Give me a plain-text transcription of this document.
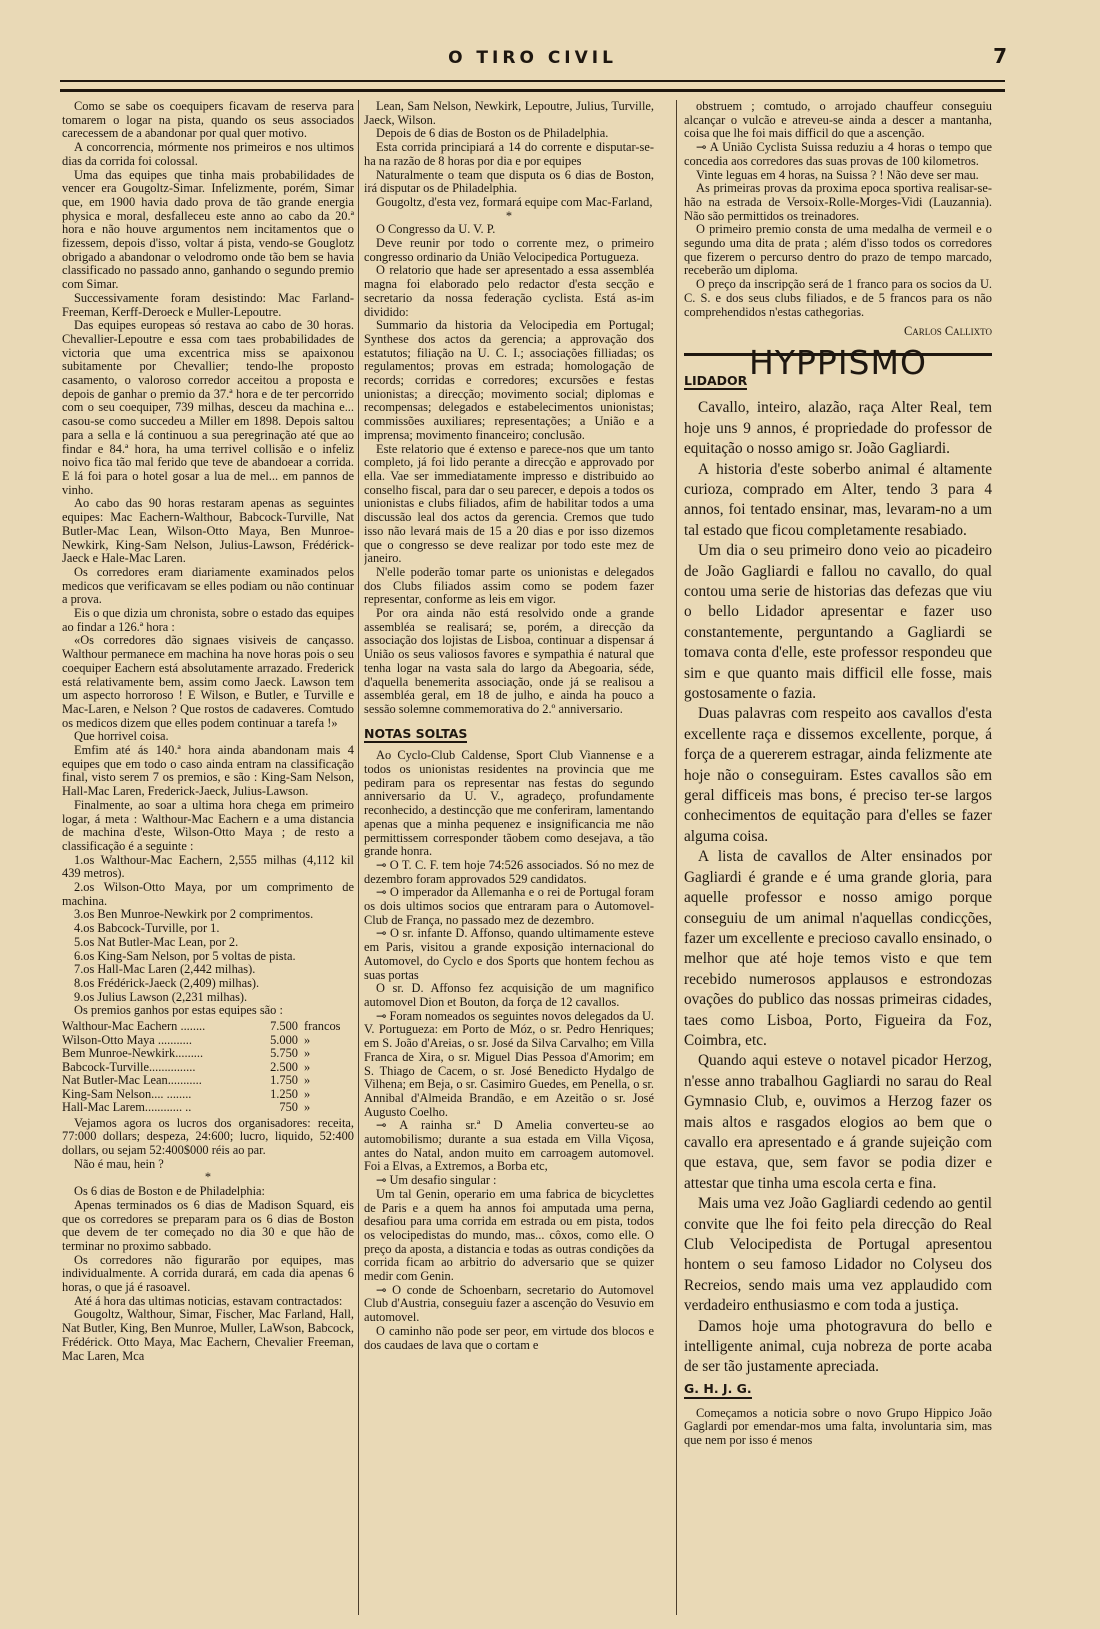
O TIRO CIVIL	7

Como se sabe os coequipers ficavam de reserva para tomarem o logar na pista, quando os seus associados carecessem de a abandonar por qual quer motivo.

A concorrencia, mórmente nos primeiros e nos ultimos dias da corrida foi colossal.

Uma das equipes que tinha mais probabilidades de vencer era Gougoltz-Simar. Infelizmente, porém, Simar que, em 1900 havia dado prova de tão grande energia physica e moral, desfalleceu este anno ao cabo da 20.ª hora e não houve argumentos nem incitamentos que o fizessem, depois d'isso, voltar á pista, vendo-se Gouglotz obrigado a abandonar o velodromo onde tão bem se havia classificado no passado anno, ganhando o segundo premio com Simar.

Successivamente foram desistindo: Mac Farland-Freeman, Kerff-Deroeck e Muller-Lepoutre.

Das equipes europeas só restava ao cabo de 30 horas. Chevallier-Lepoutre e essa com taes probabilidades de victoria que uma excentrica miss se apaixonou subitamente por Chevallier; tendo-lhe proposto casamento, o valoroso corredor acceitou a proposta e depois de ganhar o premio da 37.ª hora e de ter percorrido com o seu coequiper, 739 milhas, desceu da machina e... casou-se como succedeu a Miller em 1898. Depois saltou para a sella e lá continuou a sua peregrinação até que ao findar e 84.ª hora, ha uma terrivel collisão e o infeliz noivo fica tão mal ferido que teve de abandoear a corrida. E lá foi para o hotel gosar a lua de mel... em pannos de vinho.

Ao cabo das 90 horas restaram apenas as seguintes equipes: Mac Eachern-Walthour, Babcock-Turville, Nat Butler-Mac Lean, Wilson-Otto Maya, Ben Munroe-Newkirk, King-Sam Nelson, Julius-Lawson, Frédérick-Jaeck e Hale-Mac Laren.

Os corredores eram diariamente examinados pelos medicos que verificavam se elles podiam ou não continuar a prova.

Eis o que dizia um chronista, sobre o estado das equipes ao findar a 126.ª hora :

«Os corredores dão signaes visiveis de cançasso. Walthour permanece em machina ha nove horas pois o seu coequiper Eachern está absolutamente arrazado. Frederick está relativamente bem, assim como Jaeck. Lawson tem um aspecto horroroso ! E Wilson, e Butler, e Turville e Mac-Laren, e Nelson ? Que rostos de cadaveres. Comtudo os medicos dizem que elles podem continuar a tarefa !»

Que horrivel coisa.

Emfim até ás 140.ª hora ainda abandonam mais 4 equipes que em todo o caso ainda entram na classificação final, visto serem 7 os premios, e são : King-Sam Nelson, Hall-Mac Laren, Frederick-Jaeck, Julius-Lawson.

Finalmente, ao soar a ultima hora chega em primeiro logar, á meta : Walthour-Mac Eachern e a uma distancia de machina d'este, Wilson-Otto Maya ; de resto a classificação é a seguinte :

1.os Walthour-Mac Eachern, 2,555 milhas (4,112 kil 439 metros).

2.os Wilson-Otto Maya, por um comprimento de machina.

3.os Ben Munroe-Newkirk por 2 comprimentos.

4.os Babcock-Turville, por 1.

5.os Nat Butler-Mac Lean, por 2.

6.os King-Sam Nelson, por 5 voltas de pista.

7.os Hall-Mac Laren (2,442 milhas).

8.os Frédérick-Jaeck (2,409) milhas).

9.os Julius Lawson (2,231 milhas).

Os premios ganhos por estas equipes são :

Walthour-Mac Eachern ........	7.500	francos
Wilson-Otto Maya ...........	5.000	»
Bem Munroe-Newkirk.........	5.750	»
Babcock-Turville...............	2.500	»
Nat Butler-Mac Lean...........	1.750	»
King-Sam Nelson.... ........	1.250	»
Hall-Mac Larem............ ..	750	»

Vejamos agora os lucros dos organisadores: receita, 77:000 dollars; despeza, 24:600; lucro, liquido, 52:400 dollars, ou sejam 52:400$000 réis ao par.

Não é mau, hein ?

*

Os 6 dias de Boston e de Philadelphia:

Apenas terminados os 6 dias de Madison Squard, eis que os corredores se preparam para os 6 dias de Boston que devem de ter começado no dia 30 e que hão de terminar no proximo sabbado.

Os corredores não figurarão por equipes, mas individualmente. A corrida durará, em cada dia apenas 6 horas, o que já é rasoavel.

Até á hora das ultimas noticias, estavam contractados:

Gougoltz, Walthour, Simar, Fischer, Mac Farland, Hall, Nat Butler, King, Ben Munroe, Muller, LaWson, Babcock, Frédérick. Otto Maya, Mac Eachern, Chevalier Freeman, Mac Laren, Mca

Lean, Sam Nelson, Newkirk, Lepoutre, Julius, Turville, Jaeck, Wilson.

Depois de 6 dias de Boston os de Philadelphia.

Esta corrida principiará a 14 do corrente e disputar-se-ha na razão de 8 horas por dia e por equipes

Naturalmente o team que disputa os 6 dias de Boston, irá disputar os de Philadelphia.

Gougoltz, d'esta vez, formará equipe com Mac-Farland,

*

O Congresso da U. V. P.

Deve reunir por todo o corrente mez, o primeiro congresso ordinario da União Velocipedica Portugueza.

O relatorio que hade ser apresentado a essa assembléa magna foi elaborado pelo redactor d'esta secção e secretario da nossa federação cyclista. Está as-im dividido:

Summario da historia da Velocipedia em Portugal; Synthese dos actos da gerencia; a approvação dos estatutos; filiação na U. C. I.; associações filliadas; os regulamentos; provas em estrada; homologação de records; corridas e corredores; excursões e festas unionistas; a direcção; movimento social; diplomas e recompensas; delegados e estabelecimentos unionistas; commissões auxiliares; representações; a União e a imprensa; movimento financeiro; conclusão.

Este relatorio que é extenso e parece-nos que um tanto completo, já foi lido perante a direcção e approvado por ella. Vae ser immediatamente impresso e distribuido ao conselho fiscal, para dar o seu parecer, e depois a todos os unionistas e clubs filiados, afim de habilitar todos a uma discussão leal dos actos da gerencia. Cremos que tudo isso não levará mais de 15 a 20 dias e por isso dizemos que o congresso se deve realizar por todo este mez de janeiro.

N'elle poderão tomar parte os unionistas e delegados dos Clubs filiados assim como se podem fazer representar, conforme as leis em vigor.

Por ora ainda não está resolvido onde a grande assembléa se realisará; se, porém, a direcção da associação dos lojistas de Lisboa, continuar a dispensar á União os seus valiosos favores e sympathia é natural que tenha logar na vasta sala do largo da Abegoaria, séde, d'aquella benemerita associação, onde já se realisou a assembléa geral, em 18 de julho, e ainda ha pouco a sessão solemne commemorativa do 2.º anniversario.

NOTAS SOLTAS

Ao Cyclo-Club Caldense, Sport Club Viannense e a todos os unionistas residentes na provincia que me pediram para os representar nas festas do segundo anniversario da U. V., agradeço, profundamente reconhecido, a destincção que me conferiram, lamentando apenas que a minha pequenez e insignificancia me não permittissem corresponder tãobem como desejava, a tão grande honra.

⊸ O T. C. F. tem hoje 74:526 associados. Só no mez de dezembro foram approvados 529 candidatos.

⊸ O imperador da Allemanha e o rei de Portugal foram os dois ultimos socios que entraram para o Automovel-Club de França, no passado mez de dezembro.

⊸ O sr. infante D. Affonso, quando ultimamente esteve em Paris, visitou a grande exposição internacional do Automovel, do Cyclo e dos Sports que hontem fechou as suas portas

O sr. D. Affonso fez acquisição de um magnifico automovel Dion et Bouton, da força de 12 cavallos.

⊸ Foram nomeados os seguintes novos delegados da U. V. Portugueza: em Porto de Móz, o sr. Pedro Henriques; em S. João d'Areias, o sr. José da Silva Carvalho; em Villa Franca de Xira, o sr. Miguel Dias Pessoa d'Amorim; em S. Thiago de Cacem, o sr. José Benedicto Hydalgo de Vilhena; em Beja, o sr. Casimiro Guedes, em Penella, o sr. Annibal d'Almeida Brandão, e em Azeitão o sr. José Augusto Coelho.

⊸ A rainha sr.ª D Amelia converteu-se ao automobilismo; durante a sua estada em Villa Viçosa, antes do Natal, andon muito em carroagem automovel. Foi a Elvas, a Extremos, a Borba etc,

⊸ Um desafio singular :

Um tal Genin, operario em uma fabrica de bicyclettes de Paris e a quem ha annos foi amputada uma perna, desafiou para uma corrida em estrada ou em pista, todos os velocipedistas do mundo, mas... côxos, como elle. O preço da aposta, a distancia e todas as outras condições da corrida ficam ao arbitrio do adversario que se quizer medir com Genin.

⊸ O conde de Schoenbarn, secretario do Automovel Club d'Austria, conseguiu fazer a ascenção do Vesuvio em automovel.

O caminho não pode ser peor, em virtude dos blocos e dos caudaes de lava que o cortam e

obstruem ; comtudo, o arrojado chauffeur conseguiu alcançar o vulcão e atreveu-se ainda a descer a mantanha, coisa que lhe foi mais difficil do que a ascenção.

⊸ A União Cyclista Suissa reduziu a 4 horas o tempo que concedia aos corredores das suas provas de 100 kilometros.

Vinte leguas em 4 horas, na Suissa ? ! Não deve ser mau.

As primeiras provas da proxima epoca sportiva realisar-se-hão na estrada de Versoix-Rolle-Morges-Vidi (Lauzannia). Não são permittidos os treinadores.

O primeiro premio consta de uma medalha de vermeil e o segundo uma dita de prata ; além d'isso todos os corredores que fizerem o percurso dentro do prazo de tempo marcado, receberão um diploma.

O preço da inscripção será de 1 franco para os socios da U. C. S. e dos seus clubs filiados, e de 5 francos para os não comprehendidos n'estas cathegorias.

Carlos Callixto

HYPPISMO

LIDADOR

Cavallo, inteiro, alazão, raça Alter Real, tem hoje uns 9 annos, é propriedade do professor de equitação o nosso amigo sr. João Gagliardi.

A historia d'este soberbo animal é altamente curioza, comprado em Alter, tendo 3 para 4 annos, foi tentado ensinar, mas, levaram-no a um tal estado que ficou completamente resabiado.

Um dia o seu primeiro dono veio ao picadeiro de João Gagliardi e fallou no cavallo, do qual contou uma serie de historias das defezas que viu o bello Lidador apresentar e fazer uso constantemente, perguntando a Gagliardi se tomava conta d'elle, este professor respondeu que sim e que quanto mais difficil elle fosse, mais gostosamente o fazia.

Duas palavras com respeito aos cavallos d'esta excellente raça e dissemos excellente, porque, á força de a quererem estragar, ainda felizmente ate hoje não o conseguiram. Estes cavallos são em geral difficeis mas bons, é preciso ter-se largos conhecimentos de equitação para d'elles se fazer alguma coisa.

A lista de cavallos de Alter ensinados por Gagliardi é grande e é uma grande gloria, para aquelle professor e nosso amigo porque conseguiu de um animal n'aquellas condicções, fazer um excellente e precioso cavallo ensinado, o melhor que até hoje temos visto e que tem recebido numerosos applausos e estrondozas ovações do publico das nossas primeiras cidades, taes como Lisboa, Porto, Figueira da Foz, Coimbra, etc.

Quando aqui esteve o notavel picador Herzog, n'esse anno trabalhou Gagliardi no sarau do Real Gymnasio Club, e, ouvimos a Herzog fazer os mais altos e rasgados elogios ao bem que o cavallo era apresentado e á grande sujeição com que estava, que, sem favor se podia dizer e attestar que tinha uma escola certa e fina.

Mais uma vez João Gagliardi cedendo ao gentil convite que lhe foi feito pela direcção do Real Club Velocipedista de Portugal apresentou hontem o seu famoso Lidador no Colyseu dos Recreios, sendo mais uma vez applaudido com verdadeiro enthusiasmo e com toda a justiça.

Damos hoje uma photogravura do bello e intelligente animal, cuja nobreza de porte acaba de ser tão justamente apreciada.

G. H. J. G.

Começamos a noticia sobre o novo Grupo Hippico João Gaglardi por emendar-mos uma falta, involuntaria sim, mas que nem por isso é menos
